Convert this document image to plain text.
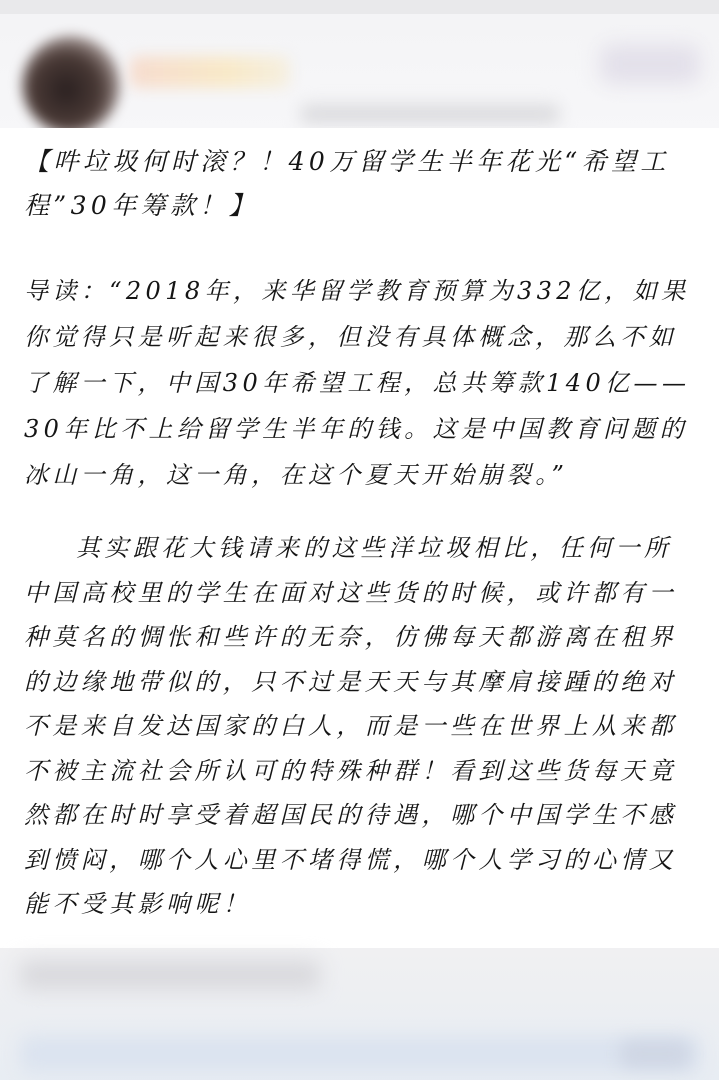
【吽垃圾何时滚？！40万留学生半年花光“希望工程”30年筹款！】
导读：“2018年，来华留学教育预算为332亿，如果你觉得只是听起来很多，但没有具体概念，那么不如了解一下，中国30年希望工程，总共筹款140亿——30年比不上给留学生半年的钱。这是中国教育问题的冰山一角，这一角，在这个夏天开始崩裂。”
其实跟花大钱请来的这些洋垃圾相比，任何一所中国高校里的学生在面对这些货的时候，或许都有一种莫名的惆怅和些许的无奈，仿佛每天都游离在租界的边缘地带似的，只不过是天天与其摩肩接踵的绝对不是来自发达国家的白人，而是一些在世界上从来都不被主流社会所认可的特殊种群！看到这些货每天竟然都在时时享受着超国民的待遇，哪个中国学生不感到愤闷，哪个人心里不堵得慌，哪个人学习的心情又能不受其影响呢！
